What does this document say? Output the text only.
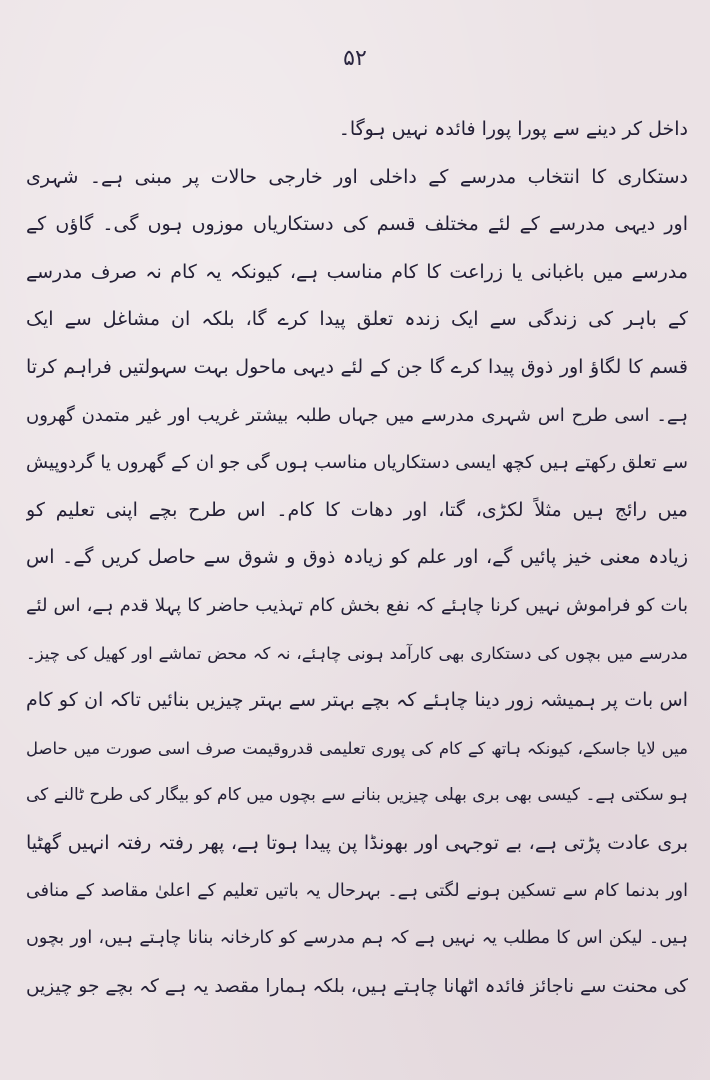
۵۲
داخل کر دینے سے پورا پورا فائدہ نہیں ہوگا۔
دستکاری کا انتخاب مدرسے کے داخلی اور خارجی حالات پر مبنی ہے۔ شہری
اور دیہی مدرسے کے لئے مختلف قسم کی دستکاریاں موزوں ہوں گی۔ گاؤں کے
مدرسے میں باغبانی یا زراعت کا کام مناسب ہے، کیونکہ یہ کام نہ صرف مدرسے
کے باہر کی زندگی سے ایک زندہ تعلق پیدا کرے گا، بلکہ ان مشاغل سے ایک
قسم کا لگاؤ اور ذوق پیدا کرے گا جن کے لئے دیہی ماحول بہت سہولتیں فراہم کرتا
ہے۔ اسی طرح اس شہری مدرسے میں جہاں طلبہ بیشتر غریب اور غیر متمدن گھروں
سے تعلق رکھتے ہیں کچھ ایسی دستکاریاں مناسب ہوں گی جو ان کے گھروں یا گردوپیش
میں رائج ہیں مثلاً لکڑی، گتا، اور دھات کا کام۔ اس طرح بچے اپنی تعلیم کو
زیادہ معنی خیز پائیں گے، اور علم کو زیادہ ذوق و شوق سے حاصل کریں گے۔ اس
بات کو فراموش نہیں کرنا چاہئے کہ نفع بخش کام تہذیب حاضر کا پہلا قدم ہے، اس لئے
مدرسے میں بچوں کی دستکاری بھی کارآمد ہونی چاہئے، نہ کہ محض تماشے اور کھیل کی چیز۔
اس بات پر ہمیشہ زور دینا چاہئے کہ بچے بہتر سے بہتر چیزیں بنائیں تاکہ ان کو کام
میں لایا جاسکے، کیونکہ ہاتھ کے کام کی پوری تعلیمی قدروقیمت صرف اسی صورت میں حاصل
ہو سکتی ہے۔ کیسی بھی بری بھلی چیزیں بنانے سے بچوں میں کام کو بیگار کی طرح ٹالنے کی
بری عادت پڑتی ہے، بے توجہی اور بھونڈا پن پیدا ہوتا ہے، پھر رفتہ رفتہ انہیں گھٹیا
اور بدنما کام سے تسکین ہونے لگتی ہے۔ بہرحال یہ باتیں تعلیم کے اعلیٰ مقاصد کے منافی
ہیں۔ لیکن اس کا مطلب یہ نہیں ہے کہ ہم مدرسے کو کارخانہ بنانا چاہتے ہیں، اور بچوں
کی محنت سے ناجائز فائدہ اٹھانا چاہتے ہیں، بلکہ ہمارا مقصد یہ ہے کہ بچے جو چیزیں
